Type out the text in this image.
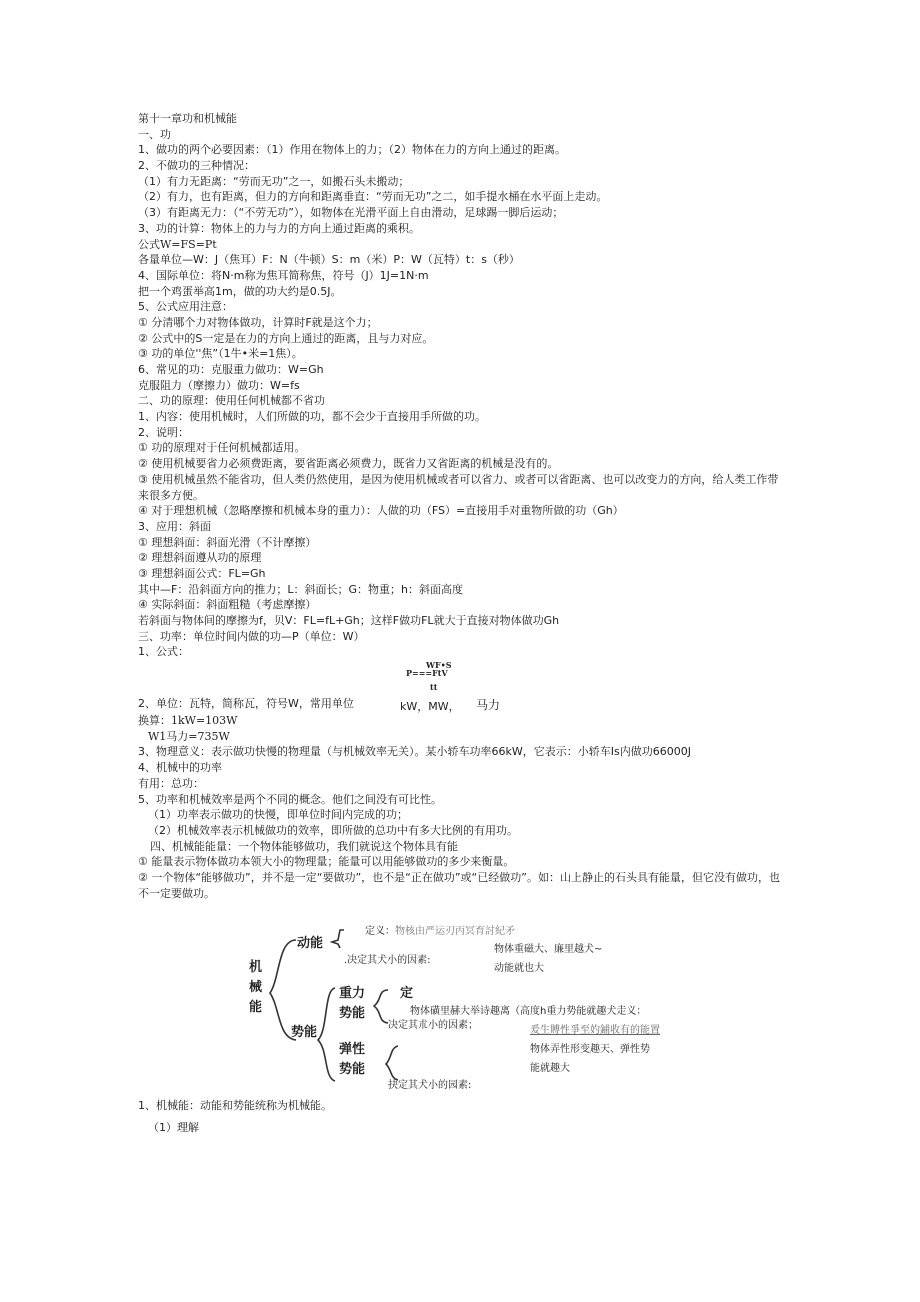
第十一章功和机械能
一、功
1、做功的两个必要因素：（1）作用在物体上的力；（2）物体在力的方向上通过的距离。
2、不做功的三种情况：
（1）有力无距离：“劳而无功”之一，如搬石头未搬动；
（2）有力，也有距离，但力的方向和距离垂直：“劳而无功”之二，如手提水桶在水平面上走动。
（3）有距离无力：（“不劳无功”），如物体在光滑平面上自由滑动，足球踢一脚后运动；
3、功的计算：物体上的力与力的方向上通过距离的乘积。
公式W=FS=Pt
各量单位—W：J（焦耳）F：N（牛顿）S：m（米）P：W（瓦特）t：s（秒）
4、国际单位：将N·m称为焦耳简称焦，符号（J）1J=1N·m
把一个鸡蛋举高1m，做的功大约是0.5J。
5、公式应用注意：
① 分清哪个力对物体做功，计算时F就是这个力；
② 公式中的S一定是在力的方向上通过的距离，且与力对应。
③ 功的单位''焦”（1牛•米=1焦）。
6、常见的功：克服重力做功：W=Gh
克服阻力（摩擦力）做功：W=fs
二、功的原理：使用任何机械都不省功
1、内容：使用机械时，人们所做的功，都不会少于直接用手所做的功。
2、说明：
① 功的原理对于任何机械都适用。
② 使用机械要省力必须费距离，要省距离必须费力，既省力又省距离的机械是没有的。
③ 使用机械虽然不能省功，但人类仍然使用，是因为使用机械或者可以省力、或者可以省距离、也可以改变力的方向，给人类工作带来很多方便。
④ 对于理想机械（忽略摩擦和机械本身的重力）：人做的功（FS）=直接用手对重物所做的功（Gh）
3、应用：斜面
① 理想斜面：斜面光滑（不计摩擦）
② 理想斜面遵从功的原理
③ 理想斜面公式：FL=Gh
其中—F：沿斜面方向的推力；L：斜面长；G：物重；h：斜面高度
④ 实际斜面：斜面粗糙（考虑摩擦）
若斜面与物体间的摩擦为f，贝V：FL=fL+Gh；这样F做功FL就大于直接对物体做功Gh
三、功率：单位时间内做的功—P（单位：W）
1、公式：
WF•S
P===FtV
tt
2、单位：瓦特，简称瓦，符号W，常用单位	kW，MW， 马力
换算：1kW=103W
W1马力=735W
3、物理意义：表示做功快慢的物理量（与机械效率无关）。某小轿车功率66kW，它表示：小轿车Is内做功66000J
4、机械中的功率
有用：总功：
5、功率和机械效率是两个不同的概念。他们之间没有可比性。
（1）功率表示做功的快慢，即单位时间内完成的功；
（2）机械效率表示机械做功的效率，即所做的总功中有多大比例的有用功。
四、机械能能量：一个物体能够做功，我们就说这个物体具有能
① 能量表示物体做功本领大小的物理量；能量可以用能够做功的多少来衡量。
② 一个物体“能够做功”，并不是一定“要做功”，也不是“正在做功”或“已经做功”。如：山上静止的石头具有能量，但它没有做功，也不一定要做功。
机械能
动能
势能
重力势能
弹性势能
定义：物核由严运刃丙冥育討紀矛
.决定其犬小的因素:
物体重磁大、廉里越犬~
动能就也大
定
物体磺里赫大举诗趣离（高度h重力势能就趣犬走义：
决定其朮小的因素；	爰生賻性爭至妁鋪收有的能置
物体弄性形变趣天、弹性势
能就趣大
抉定其犬小的园素:
1、机械能：动能和势能统称为机械能。
（1）理解
